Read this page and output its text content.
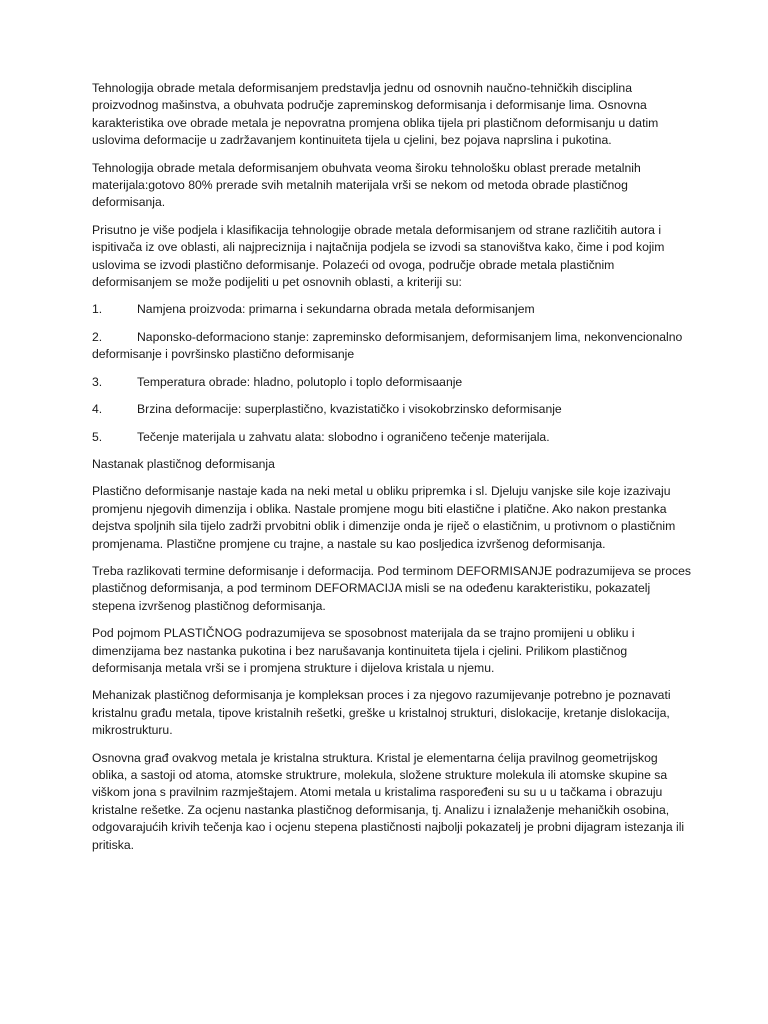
Tehnologija obrade metala deformisanjem predstavlja jednu od osnovnih naučno-tehničkih disciplina proizvodnog mašinstva, a obuhvata područje zapreminskog deformisanja i deformisanje lima. Osnovna karakteristika ove obrade metala je nepovratna promjena oblika tijela pri plastičnom deformisanju u datim uslovima deformacije u zadržavanjem kontinuiteta tijela u cjelini, bez pojava naprslina i pukotina.

Tehnologija obrade metala deformisanjem obuhvata veoma široku tehnološku oblast prerade metalnih materijala:gotovo 80% prerade svih metalnih materijala vrši se nekom od metoda obrade plastičnog deformisanja.

Prisutno je više podjela i klasifikacija tehnologije obrade metala deformisanjem od strane različitih autora i ispitivača iz ove oblasti, ali najpreciznija i najtačnija podjela se izvodi sa stanovištva kako, čime i pod kojim uslovima se izvodi plastično deformisanje. Polazeći od ovoga, područje obrade metala plastičnim deformisanjem se može podijeliti u pet osnovnih oblasti, a kriteriji su:

1.	Namjena proizvoda: primarna i sekundarna obrada metala deformisanjem
2.	Naponsko-deformaciono stanje: zapreminsko deformisanjem, deformisanjem lima, nekonvencionalno deformisanje i površinsko plastično deformisanje
3.	Temperatura obrade: hladno, polutoplo i toplo deformisaanje
4.	Brzina deformacije: superplastično, kvazistatičko i visokobrzinsko deformisanje
5.	Tečenje materijala u zahvatu alata: slobodno i ograničeno tečenje materijala.

Nastanak plastičnog deformisanja

Plastično deformisanje nastaje kada na neki metal u obliku pripremka i sl. Djeluju vanjske sile koje izazivaju promjenu njegovih dimenzija i oblika. Nastale promjene mogu biti elastične i platične. Ako nakon prestanka dejstva spoljnih sila tijelo zadrži prvobitni oblik i dimenzije onda je riječ o elastičnim, u protivnom o plastičnim promjenama. Plastične promjene cu trajne, a nastale su kao posljedica izvršenog deformisanja.

Treba razlikovati termine deformisanje i deformacija. Pod terminom DEFORMISANJE podrazumijeva se proces plastičnog deformisanja, a pod terminom DEFORMACIJA misli se na odeđenu karakteristiku, pokazatelj stepena izvršenog plastičnog deformisanja.

Pod pojmom PLASTIČNOG podrazumijeva se sposobnost materijala da se trajno promijeni u obliku i dimenzijama bez nastanka pukotina i bez narušavanja kontinuiteta tijela i cjelini. Prilikom plastičnog deformisanja metala vrši se i promjena strukture i dijelova kristala u njemu.

Mehanizak plastičnog deformisanja je kompleksan proces i za njegovo razumijevanje potrebno je poznavati kristalnu građu metala, tipove kristalnih rešetki, greške u kristalnoj strukturi, dislokacije, kretanje dislokacija, mikrostrukturu.

Osnovna građ ovakvog metala je kristalna struktura. Kristal je elementarna ćelija pravilnog geometrijskog oblika, a sastoji od atoma, atomske struktrure, molekula, složene strukture molekula ili atomske skupine sa viškom jona s pravilnim razmještajem. Atomi metala u kristalima raspoređeni su su u u tačkama i obrazuju kristalne rešetke. Za ocjenu nastanka plastičnog deformisanja, tj. Analizu i iznalaženje mehaničkih osobina, odgovarajućih krivih tečenja kao i ocjenu stepena plastičnosti najbolji pokazatelj je probni dijagram istezanja ili pritiska.
